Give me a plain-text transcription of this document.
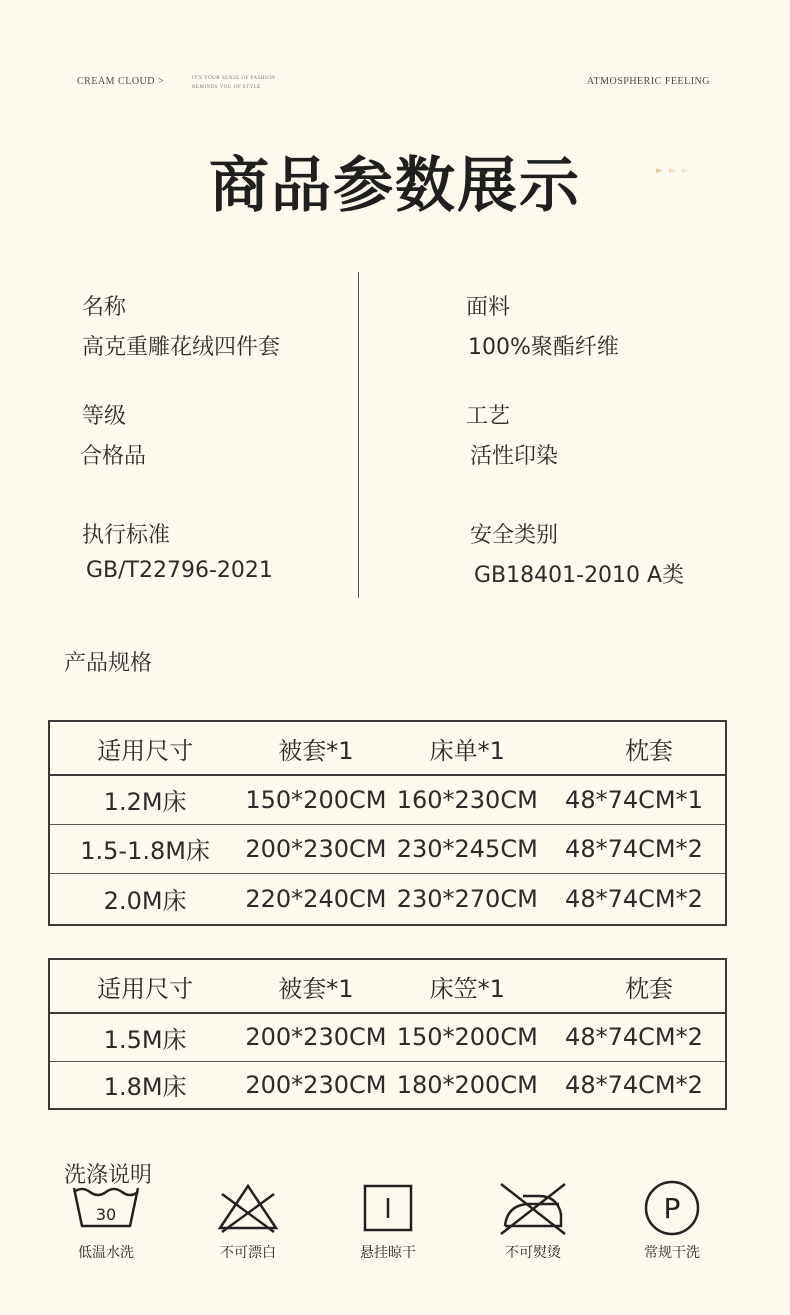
CREAM CLOUD >	IT'S YOUR SENSE OF FASHION
REMINDS YOU OF STYLE
ATMOSPHERIC FEELING
商品参数展示	►►►
名称
高克重雕花绒四件套
面料
100%聚酯纤维
等级
合格品
工艺
活性印染
执行标准
GB/T22796-2021
安全类别
GB18401-2010 A类
产品规格
适用尺寸	被套*1	床单*1	枕套
1.2M床	150*200CM	160*230CM	48*74CM*1
1.5-1.8M床	200*230CM	230*245CM	48*74CM*2
2.0M床	220*240CM	230*270CM	48*74CM*2
适用尺寸	被套*1	床笠*1	枕套
1.5M床	200*230CM	150*200CM	48*74CM*2
1.8M床	200*230CM	180*200CM	48*74CM*2
洗涤说明
30
低温水洗	不可漂白	悬挂晾干	不可熨烫
P
常规干洗
